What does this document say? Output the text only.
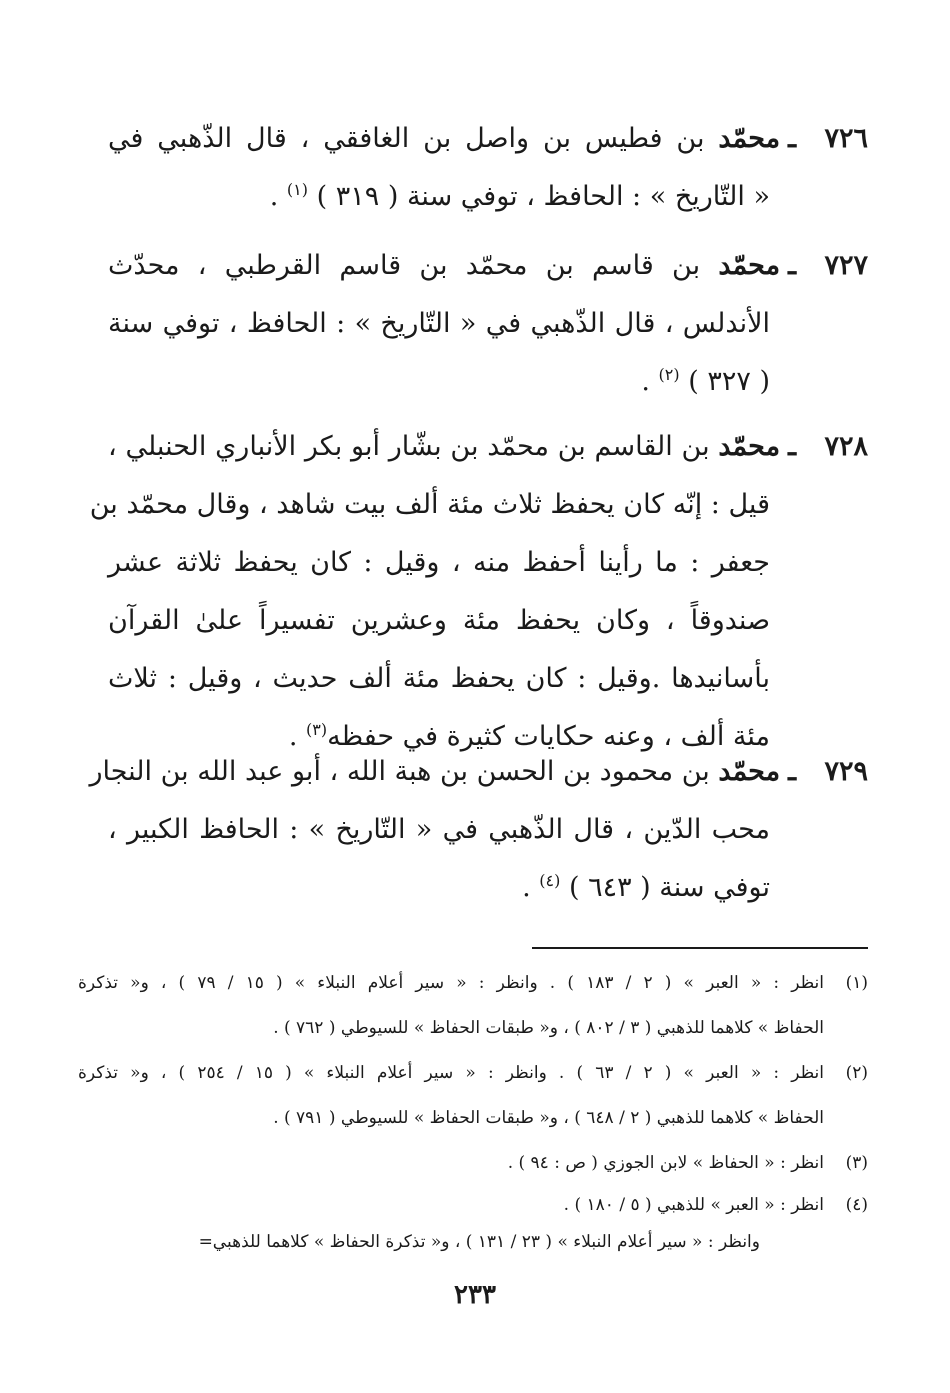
٧٢٦ـمحمّد بن فطيس بن واصل بن الغافقي ، قال الذّهبي في
« التّاريخ » : الحافظ ، توفي سنة ( ٣١٩ ) $^{(١)}$ .
٧٢٧ـمحمّد بن قاسم بن محمّد بن قاسم القرطبي ، محدّث
الأندلس ، قال الذّهبي في « التّاريخ » : الحافظ ، توفي سنة
( ٣٢٧ ) $^{(٢)}$ .
٧٢٨ـمحمّد بن القاسم بن محمّد بن بشّار أبو بكر الأنباري الحنبلي ،
قيل : إنّه كان يحفظ ثلاث مئة ألف بيت شاهد ، وقال محمّد بن
جعفر : ما رأينا أحفظ منه ، وقيل : كان يحفظ ثلاثة عشر
صندوقاً ، وكان يحفظ مئة وعشرين تفسيراً علىٰ القرآن
بأسانيدها .وقيل : كان يحفظ مئة ألف حديث ، وقيل : ثلاث
مئة ألف ، وعنه حكايات كثيرة في حفظه$^{(٣)}$ .
٧٢٩ـمحمّد بن محمود بن الحسن بن هبة الله ، أبو عبد الله بن النجار
محب الدّين ، قال الذّهبي في « التّاريخ » : الحافظ الكبير ،
توفي سنة ( ٦٤٣ ) $^{(٤)}$ .
(١)انظر : « العبر » ( ٢ / ١٨٣ ) . وانظر : « سير أعلام النبلاء » ( ١٥ / ٧٩ ) ، و« تذكرة
الحفاظ » كلاهما للذهبي ( ٣ / ٨٠٢ ) ، و« طبقات الحفاظ » للسيوطي ( ٧٦٢ ) .
(٢)انظر : « العبر » ( ٢ / ٦٣ ) . وانظر : « سير أعلام النبلاء » ( ١٥ / ٢٥٤ ) ، و« تذكرة
الحفاظ » كلاهما للذهبي ( ٢ / ٦٤٨ ) ، و« طبقات الحفاظ » للسيوطي ( ٧٩١ ) .
(٣)انظر : « الحفاظ » لابن الجوزي ( ص : ٩٤ ) .
(٤)انظر : « العبر » للذهبي ( ٥ / ١٨٠ ) .
وانظر : « سير أعلام النبلاء » ( ٢٣ / ١٣١ ) ، و« تذكرة الحفاظ » كلاهما للذهبي=
٢٣٣
